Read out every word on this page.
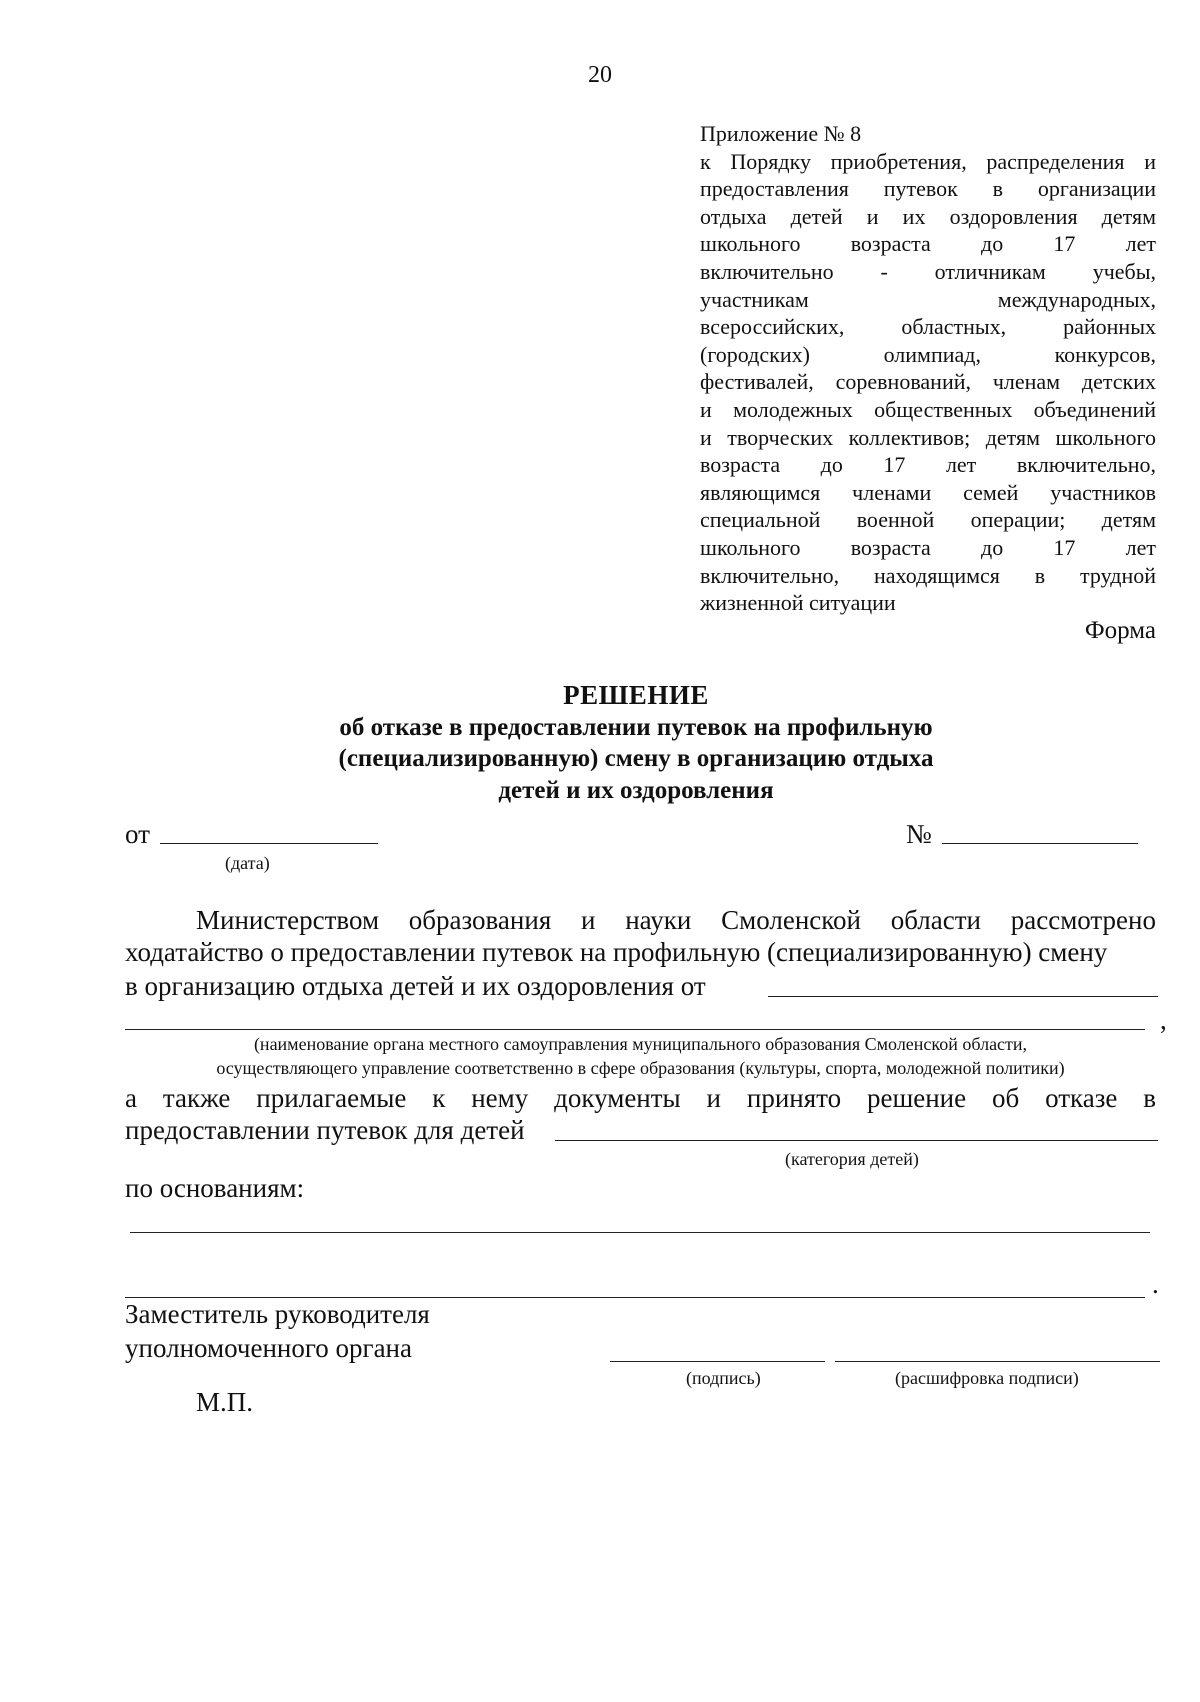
20
Приложение № 8
к Порядку приобретения, распределения и
предоставления путевок в организации
отдыха детей и их оздоровления детям
школьного возраста до 17 лет
включительно - отличникам учебы,
участникам международных,
всероссийских, областных, районных
(городских) олимпиад, конкурсов,
фестивалей, соревнований, членам детских
и молодежных общественных объединений
и творческих коллективов; детям школьного
возраста до 17 лет включительно,
являющимся членами семей участников
специальной военной операции; детям
школьного возраста до 17 лет
включительно, находящимся в трудной
жизненной ситуации
Форма
РЕШЕНИЕ
об отказе в предоставлении путевок на профильную
(специализированную) смену в организацию отдыха
детей и их оздоровления
от
(дата)
№
Министерством образования и науки Смоленской области рассмотрено
ходатайство о предоставлении путевок на профильную (специализированную) смену
в организацию отдыха детей и их оздоровления от
,
(наименование органа местного самоуправления муниципального образования Смоленской области,
осуществляющего управление соответственно в сфере образования (культуры, спорта, молодежной политики)
а также прилагаемые к нему документы и принято решение об отказе в
предоставлении путевок для детей
(категория детей)
по основаниям:
.
Заместитель руководителя
уполномоченного органа
(подпись)	(расшифровка подписи)
М.П.
